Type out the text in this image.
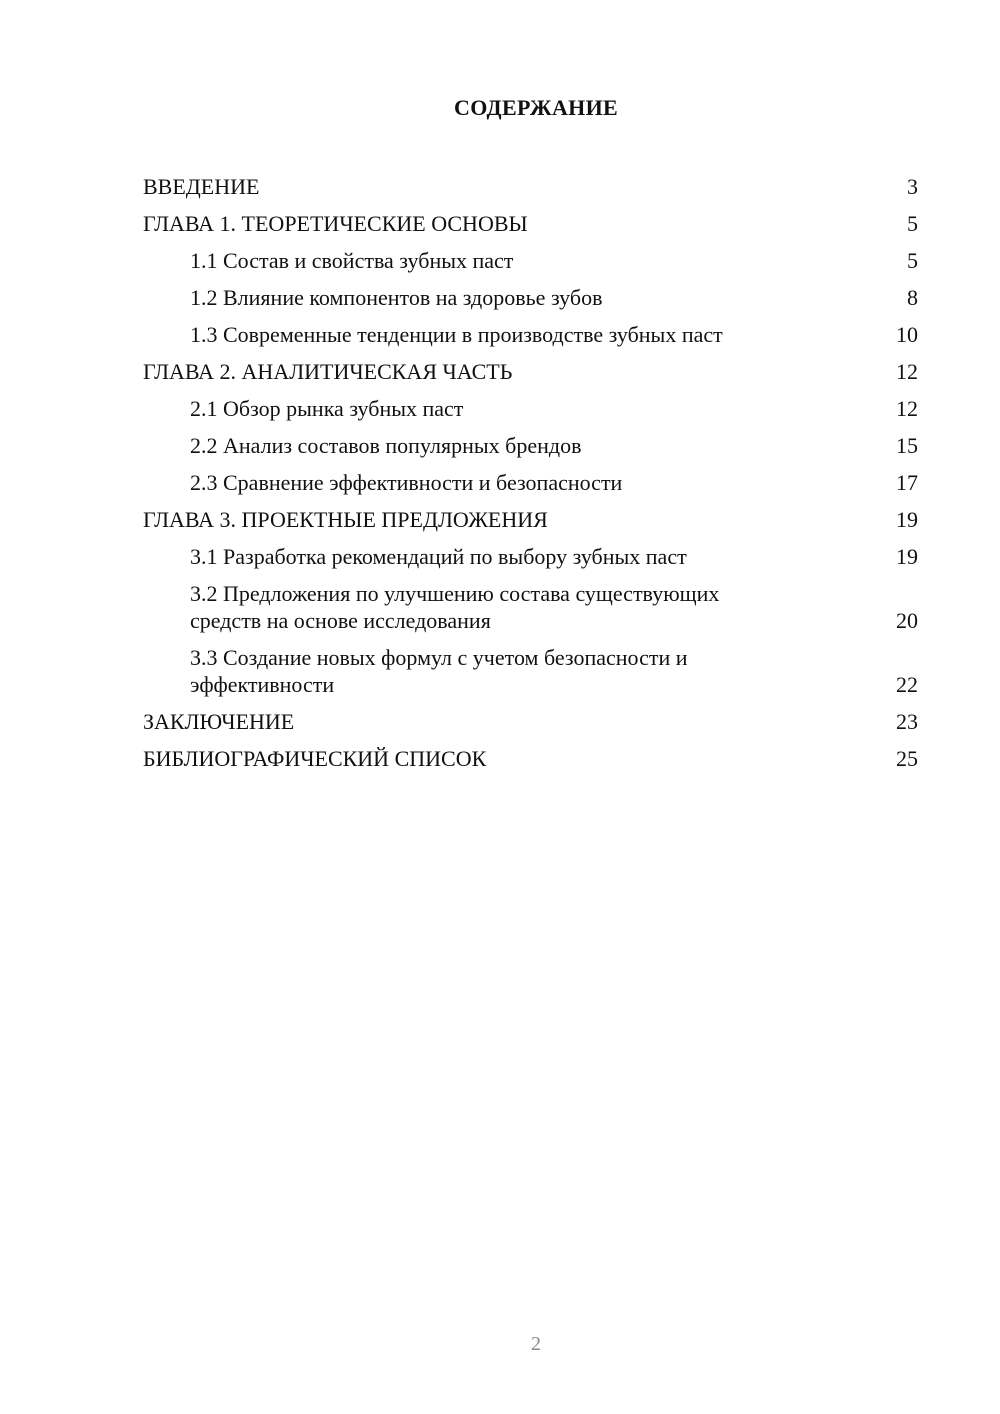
СОДЕРЖАНИЕ
ВВЕДЕНИЕ	3
ГЛАВА 1. ТЕОРЕТИЧЕСКИЕ ОСНОВЫ	5
1.1 Состав и свойства зубных паст	5
1.2 Влияние компонентов на здоровье зубов	8
1.3 Современные тенденции в производстве зубных паст	10
ГЛАВА 2. АНАЛИТИЧЕСКАЯ ЧАСТЬ	12
2.1 Обзор рынка зубных паст	12
2.2 Анализ составов популярных брендов	15
2.3 Сравнение эффективности и безопасности	17
ГЛАВА 3. ПРОЕКТНЫЕ ПРЕДЛОЖЕНИЯ	19
3.1 Разработка рекомендаций по выбору зубных паст	19
3.2 Предложения по улучшению состава существующих средств на основе исследования	20
3.3 Создание новых формул с учетом безопасности и эффективности	22
ЗАКЛЮЧЕНИЕ	23
БИБЛИОГРАФИЧЕСКИЙ СПИСОК	25
2
